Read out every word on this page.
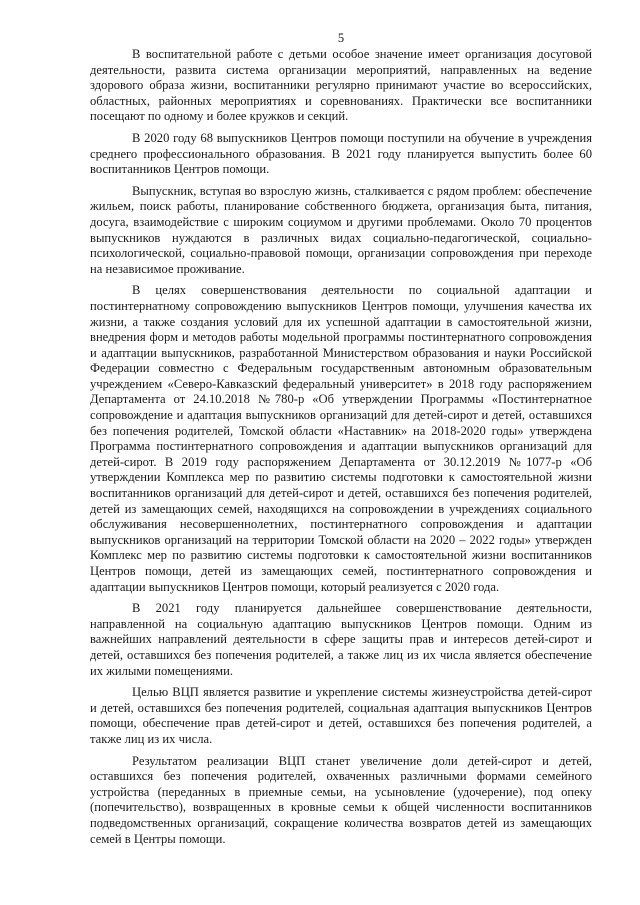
5

В воспитательной работе с детьми особое значение имеет организация досуговой деятельности, развита система организации мероприятий, направленных на ведение здорового образа жизни, воспитанники регулярно принимают участие во всероссийских, областных, районных мероприятиях и соревнованиях. Практически все воспитанники посещают по одному и более кружков и секций.

В 2020 году 68 выпускников Центров помощи поступили на обучение в учреждения среднего профессионального образования. В 2021 году планируется выпустить более 60 воспитанников Центров помощи.

Выпускник, вступая во взрослую жизнь, сталкивается с рядом проблем: обеспечение жильем, поиск работы, планирование собственного бюджета, организация быта, питания, досуга, взаимодействие с широким социумом и другими проблемами. Около 70 процентов выпускников нуждаются в различных видах социально-педагогической, социально-психологической, социально-правовой помощи, организации сопровождения при переходе на независимое проживание.

В целях совершенствования деятельности по социальной адаптации и постинтернатному сопровождению выпускников Центров помощи, улучшения качества их жизни, а также создания условий для их успешной адаптации в самостоятельной жизни, внедрения форм и методов работы модельной программы постинтернатного сопровождения и адаптации выпускников, разработанной Министерством образования и науки Российской Федерации совместно с Федеральным государственным автономным образовательным учреждением «Северо-Кавказский федеральный университет» в 2018 году распоряжением Департамента от 24.10.2018 №780-р «Об утверждении Программы «Постинтернатное сопровождение и адаптация выпускников организаций для детей-сирот и детей, оставшихся без попечения родителей, Томской области «Наставник» на 2018-2020 годы» утверждена Программа постинтернатного сопровождения и адаптации выпускников организаций для детей-сирот. В 2019 году распоряжением Департамента от 30.12.2019 №1077-р «Об утверждении Комплекса мер по развитию системы подготовки к самостоятельной жизни воспитанников организаций для детей-сирот и детей, оставшихся без попечения родителей, детей из замещающих семей, находящихся на сопровождении в учреждениях социального обслуживания несовершеннолетних, постинтернатного сопровождения и адаптации выпускников организаций на территории Томской области на 2020 – 2022 годы» утвержден Комплекс мер по развитию системы подготовки к самостоятельной жизни воспитанников Центров помощи, детей из замещающих семей, постинтернатного сопровождения и адаптации выпускников Центров помощи, который реализуется с 2020 года.

В 2021 году планируется дальнейшее совершенствование деятельности, направленной на социальную адаптацию выпускников Центров помощи. Одним из важнейших направлений деятельности в сфере защиты прав и интересов детей-сирот и детей, оставшихся без попечения родителей, а также лиц из их числа является обеспечение их жилыми помещениями.

Целью ВЦП является развитие и укрепление системы жизнеустройства детей-сирот и детей, оставшихся без попечения родителей, социальная адаптация выпускников Центров помощи, обеспечение прав детей-сирот и детей, оставшихся без попечения родителей, а также лиц из их числа.

Результатом реализации ВЦП станет увеличение доли детей-сирот и детей, оставшихся без попечения родителей, охваченных различными формами семейного устройства (переданных в приемные семьи, на усыновление (удочерение), под опеку (попечительство), возвращенных в кровные семьи к общей численности воспитанников подведомственных организаций, сокращение количества возвратов детей из замещающих семей в Центры помощи.
